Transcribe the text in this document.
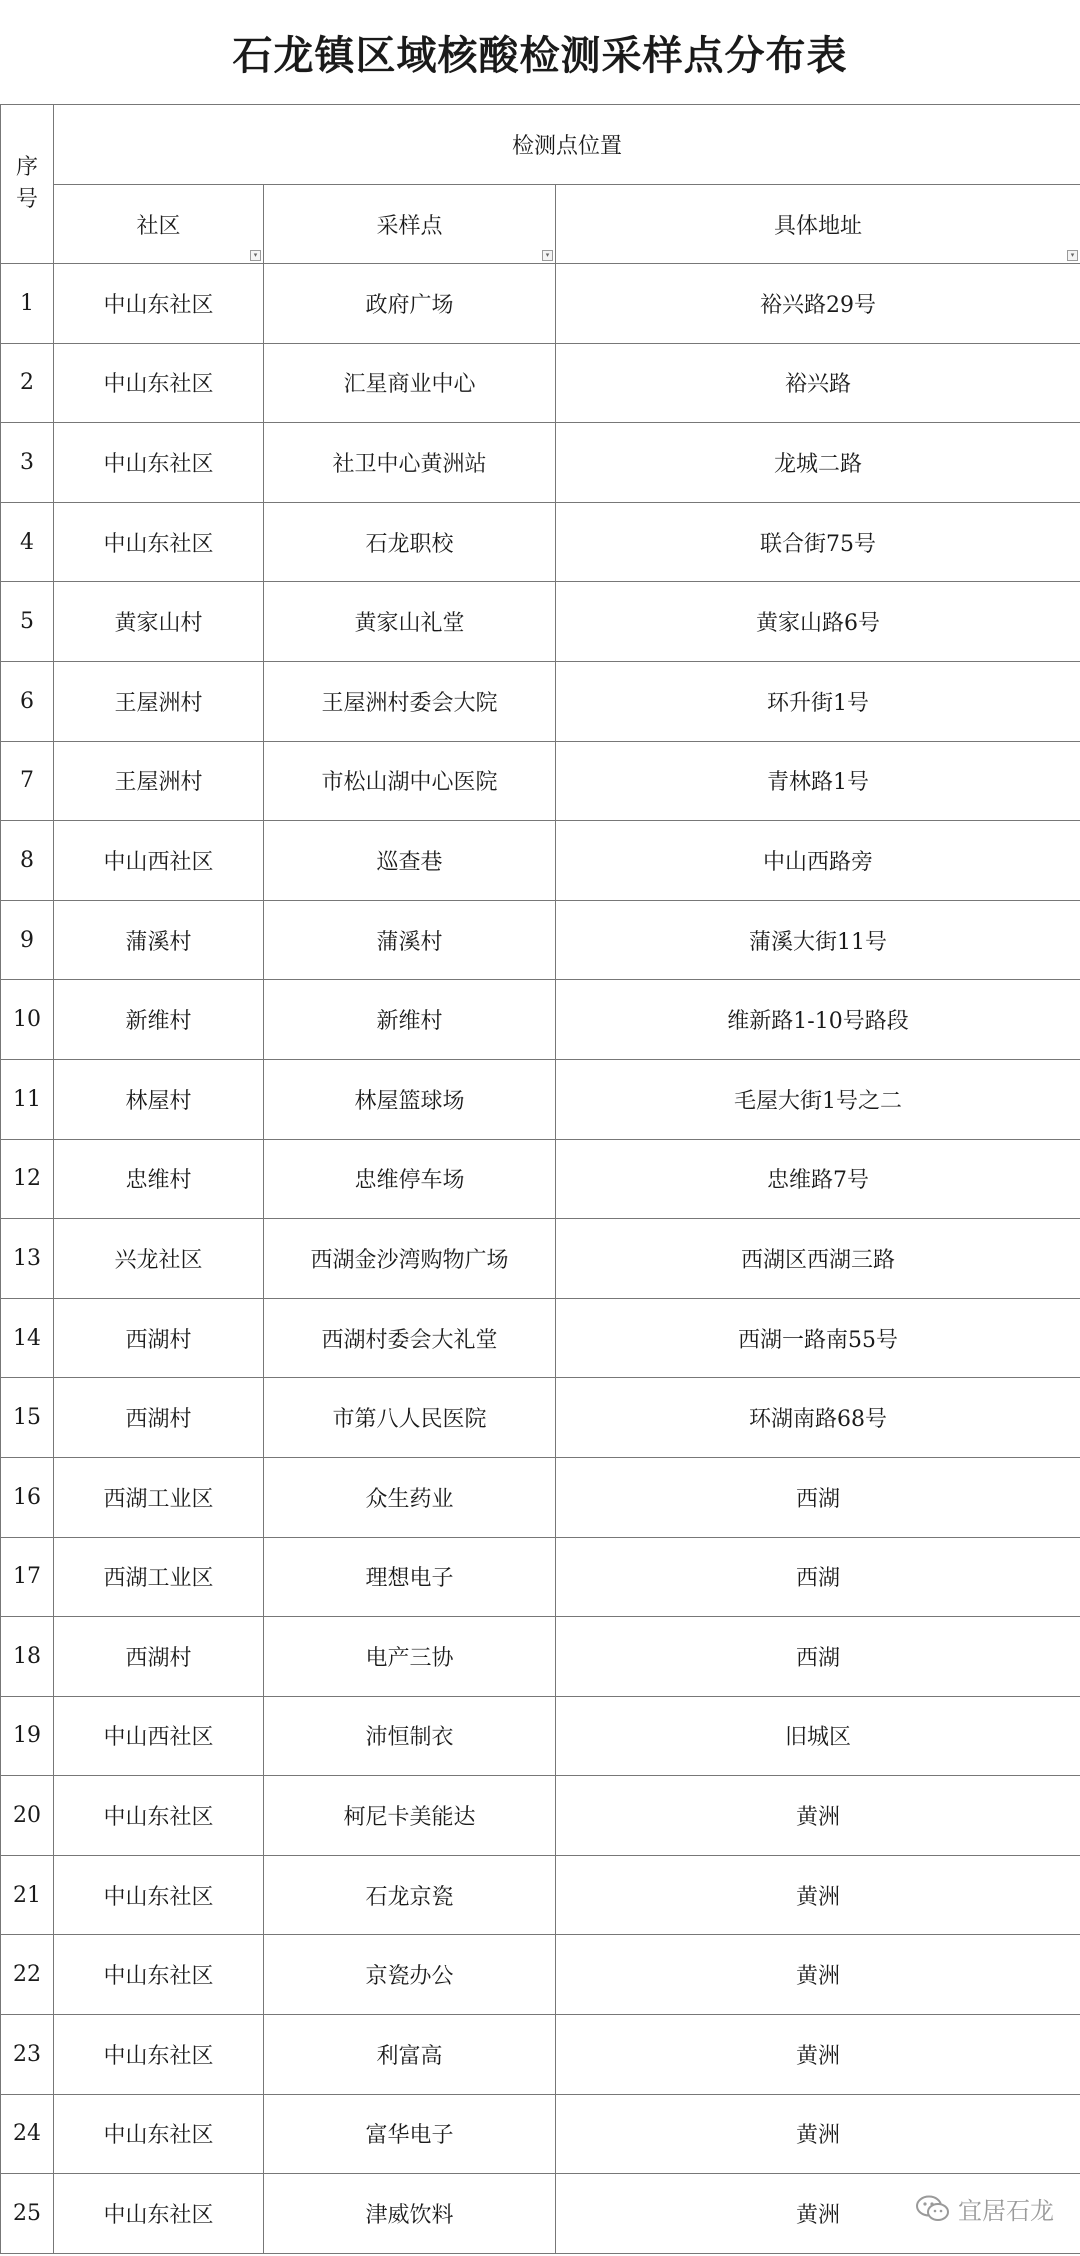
石龙镇区域核酸检测采样点分布表
序号	检测点位置		
	社区
▾	采样点
▾	具体地址
▾

1	中山东社区	政府广场	裕兴路29号
2	中山东社区	汇星商业中心	裕兴路
3	中山东社区	社卫中心黄洲站	龙城二路
4	中山东社区	石龙职校	联合街75号
5	黄家山村	黄家山礼堂	黄家山路6号
6	王屋洲村	王屋洲村委会大院	环升街1号
7	王屋洲村	市松山湖中心医院	青林路1号
8	中山西社区	巡查巷	中山西路旁
9	蒲溪村	蒲溪村	蒲溪大街11号
10	新维村	新维村	维新路1-10号路段
11	林屋村	林屋篮球场	毛屋大街1号之二
12	忠维村	忠维停车场	忠维路7号
13	兴龙社区	西湖金沙湾购物广场	西湖区西湖三路
14	西湖村	西湖村委会大礼堂	西湖一路南55号
15	西湖村	市第八人民医院	环湖南路68号
16	西湖工业区	众生药业	西湖
17	西湖工业区	理想电子	西湖
18	西湖村	电产三协	西湖
19	中山西社区	沛恒制衣	旧城区
20	中山东社区	柯尼卡美能达	黄洲
21	中山东社区	石龙京瓷	黄洲
22	中山东社区	京瓷办公	黄洲
23	中山东社区	利富高	黄洲
24	中山东社区	富华电子	黄洲
25	中山东社区	津威饮料	黄洲	宜居石龙
